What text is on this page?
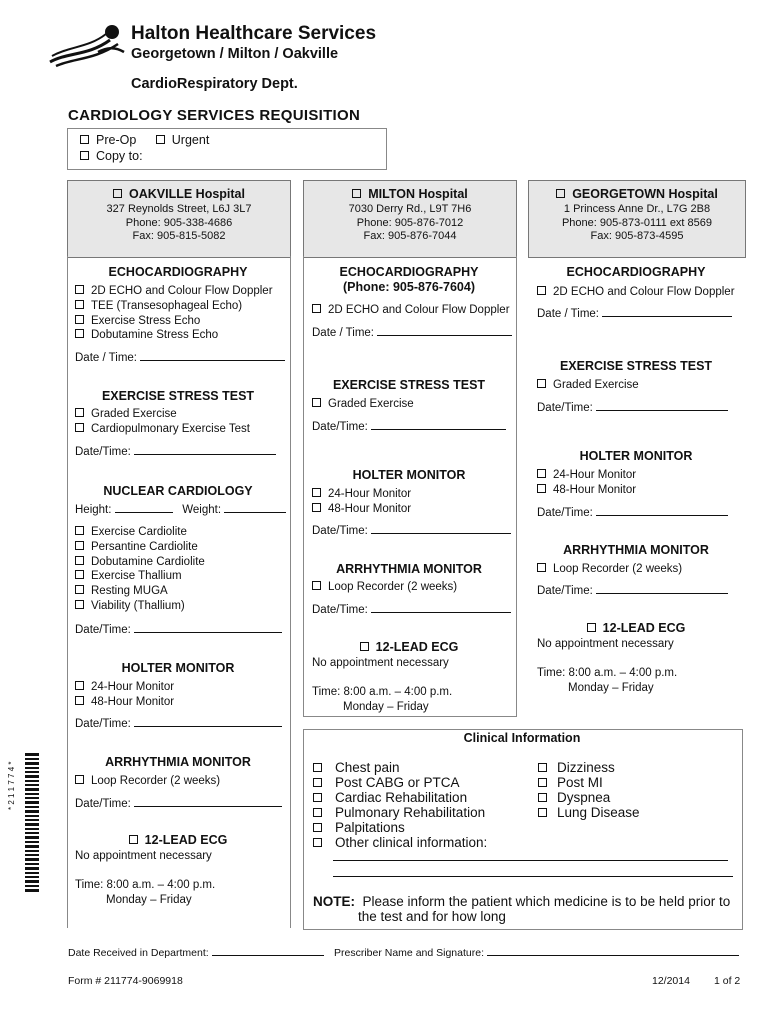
Halton Healthcare Services
Georgetown / Milton / Oakville
CardioRespiratory Dept.
CARDIOLOGY SERVICES REQUISITION
Pre-Op	Urgent
Copy to:
OAKVILLE Hospital
327 Reynolds Street, L6J 3L7
Phone: 905-338-4686
Fax: 905-815-5082
ECHOCARDIOGRAPHY
2D ECHO and Colour Flow Doppler
TEE (Transesophageal Echo)
Exercise Stress Echo
Dobutamine Stress Echo
Date / Time:
EXERCISE STRESS TEST
Graded Exercise
Cardiopulmonary Exercise Test
Date/Time:
NUCLEAR CARDIOLOGY
Height:	Weight:
Exercise Cardiolite
Persantine Cardiolite
Dobutamine Cardiolite
Exercise Thallium
Resting MUGA
Viability (Thallium)
Date/Time:
HOLTER MONITOR
24-Hour Monitor
48-Hour Monitor
Date/Time:
ARRHYTHMIA MONITOR
Loop Recorder (2 weeks)
Date/Time:
12-LEAD ECG
No appointment necessary
Time: 8:00 a.m. – 4:00 p.m.
Monday – Friday
MILTON Hospital
7030 Derry Rd., L9T 7H6
Phone: 905-876-7012
Fax: 905-876-7044
ECHOCARDIOGRAPHY
(Phone: 905-876-7604)
2D ECHO and Colour Flow Doppler
Date / Time:
EXERCISE STRESS TEST
Graded Exercise
Date/Time:
HOLTER MONITOR
24-Hour Monitor
48-Hour Monitor
Date/Time:
ARRHYTHMIA MONITOR
Loop Recorder (2 weeks)
Date/Time:
12-LEAD ECG
No appointment necessary
Time: 8:00 a.m. – 4:00 p.m.
Monday – Friday
GEORGETOWN Hospital
1 Princess Anne Dr., L7G 2B8
Phone: 905-873-0111 ext 8569
Fax: 905-873-4595
ECHOCARDIOGRAPHY
2D ECHO and Colour Flow Doppler
Date / Time:
EXERCISE STRESS TEST
Graded Exercise
Date/Time:
HOLTER MONITOR
24-Hour Monitor
48-Hour Monitor
Date/Time:
ARRHYTHMIA MONITOR
Loop Recorder (2 weeks)
Date/Time:
12-LEAD ECG
No appointment necessary
Time: 8:00 a.m. – 4:00 p.m.
Monday – Friday
Clinical Information
Chest pain
Post CABG or PTCA
Cardiac Rehabilitation
Pulmonary Rehabilitation
Palpitations
Other clinical information:
Dizziness
Post MI
Dyspnea
Lung Disease
NOTE: Please inform the patient which medicine is to be held prior to
the test and for how long
* 2 1 1 7 7 4 *
Date Received in Department:	Prescriber Name and Signature:
Form # 211774-9069918	12/2014 1 of 2
